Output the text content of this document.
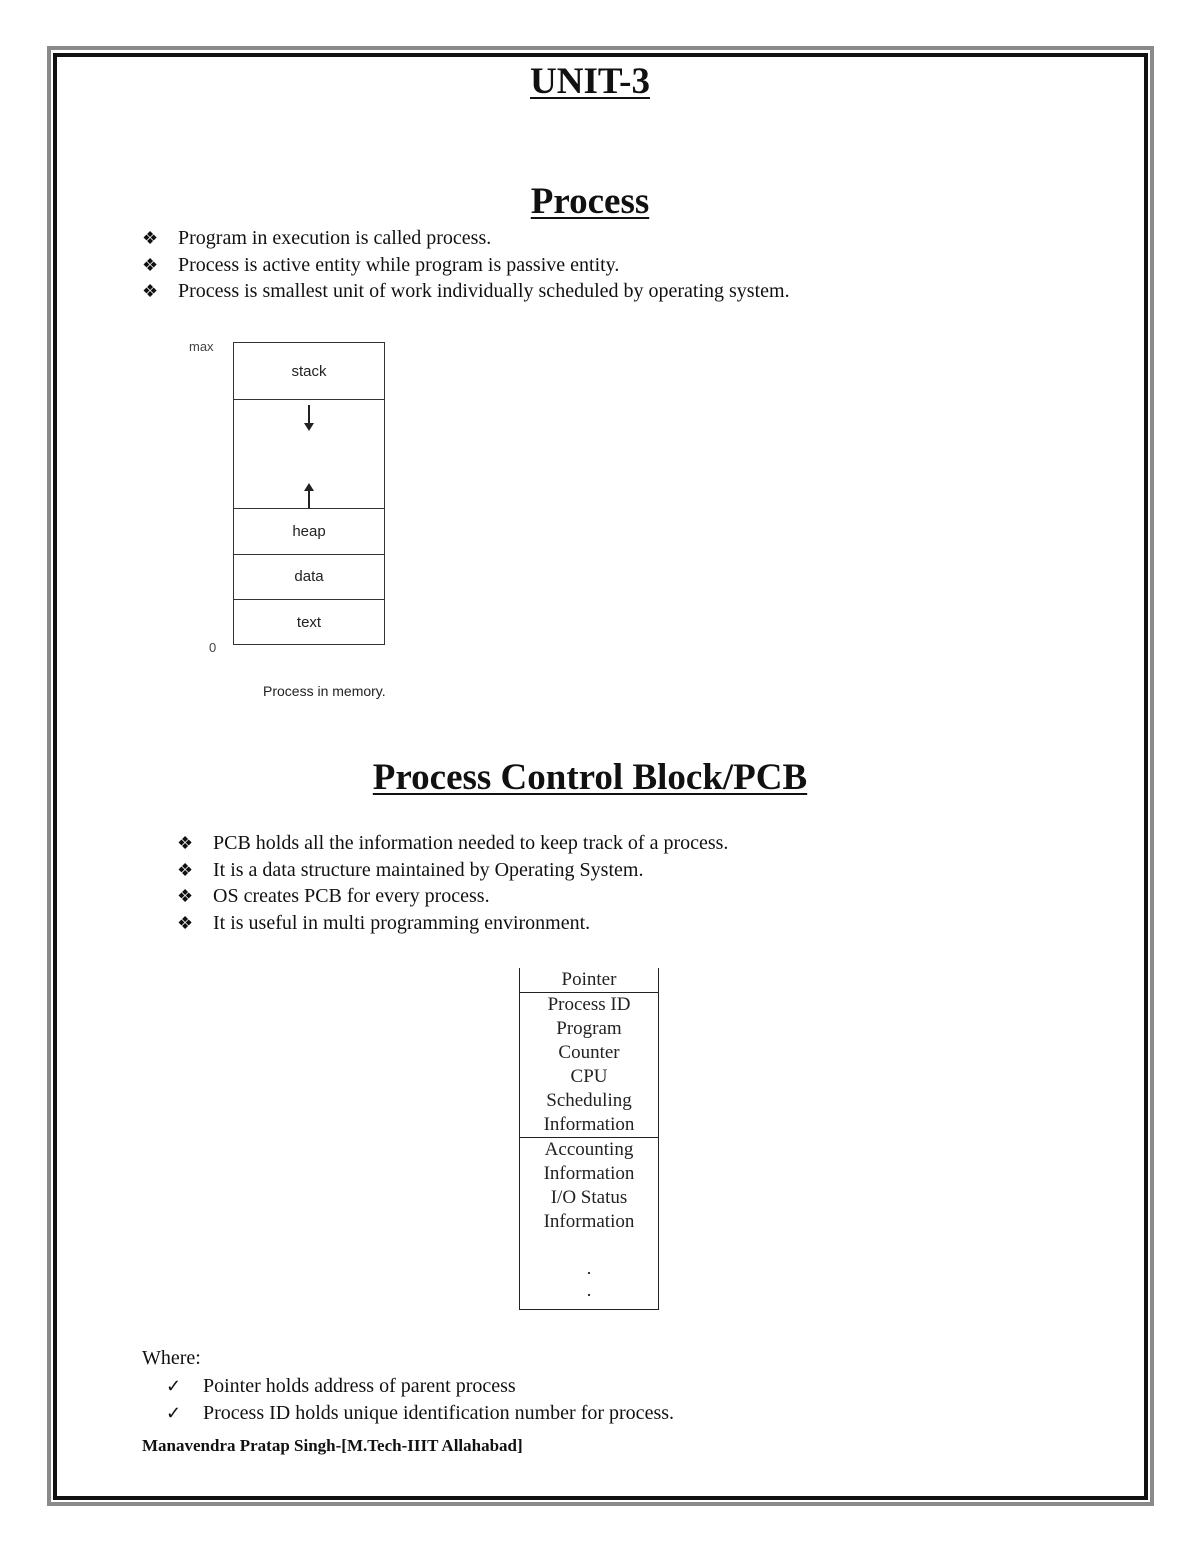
UNIT-3
Process
❖ Program in execution is called process.
❖ Process is active entity while program is passive entity.
❖ Process is smallest unit of work individually scheduled by operating system.
max
stack
heap
data
text
0
Process in memory.
Process Control Block/PCB
❖ PCB holds all the information needed to keep track of a process.
❖ It is a data structure maintained by Operating System.
❖ OS creates PCB for every process.
❖ It is useful in multi programming environment.
Pointer
Process ID
Program
Counter
CPU
Scheduling
Information
Accounting
Information
I/O Status
Information
·
·
Where:
✓ Pointer holds address of parent process
✓ Process ID holds unique identification number for process.
Manavendra Pratap Singh-[M.Tech-IIIT Allahabad]
